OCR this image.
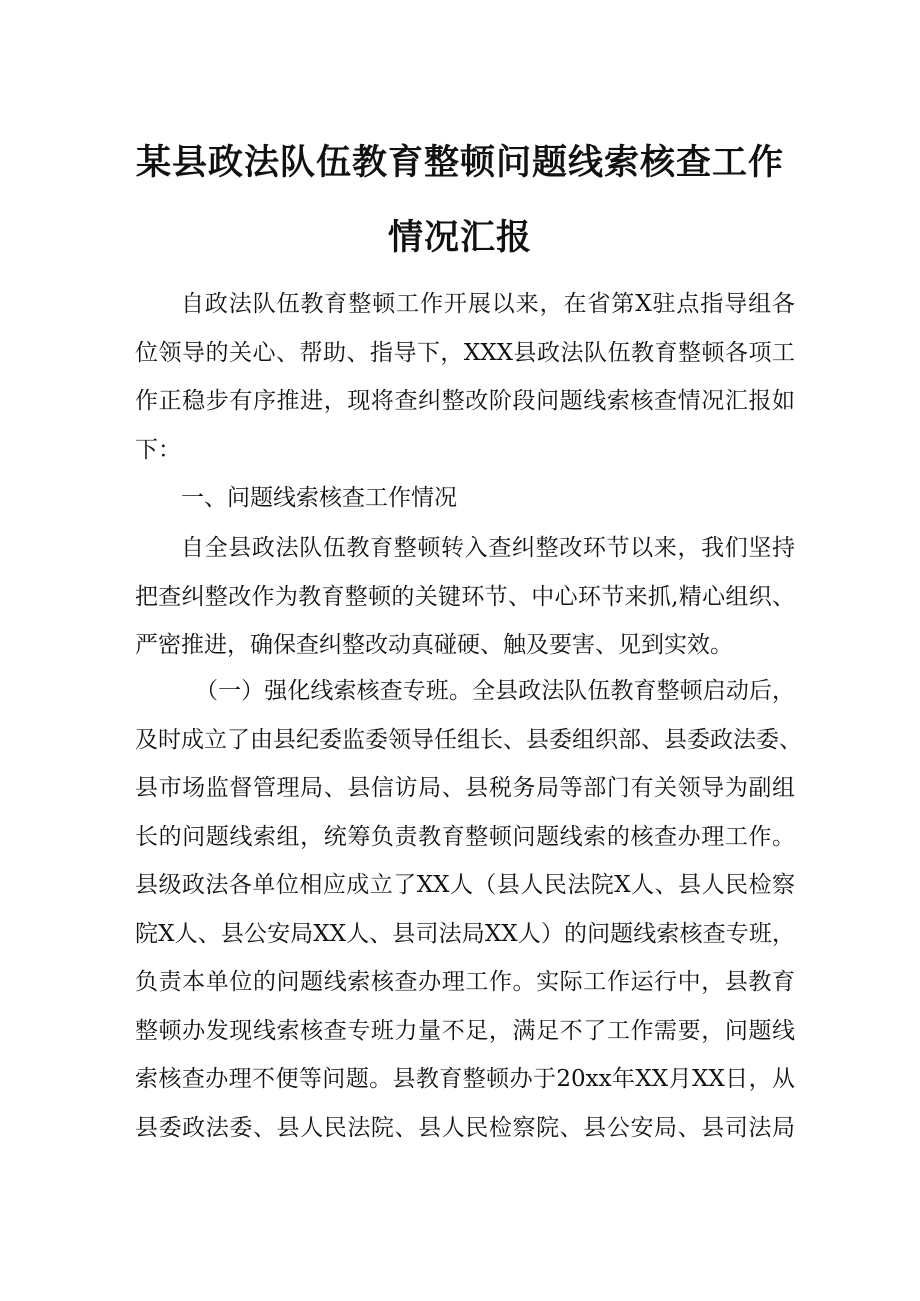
某县政法队伍教育整顿问题线索核查工作
情况汇报
自政法队伍教育整顿工作开展以来，在省第X驻点指导组各
位领导的关心、帮助、指导下，XXX县政法队伍教育整顿各项工
作正稳步有序推进，现将查纠整改阶段问题线索核查情况汇报如
下：
一、问题线索核查工作情况
自全县政法队伍教育整顿转入查纠整改环节以来，我们坚持
把查纠整改作为教育整顿的关键环节、中心环节来抓,精心组织、
严密推进，确保查纠整改动真碰硬、触及要害、见到实效。
（一）强化线索核查专班。全县政法队伍教育整顿启动后，
及时成立了由县纪委监委领导任组长、县委组织部、县委政法委、
县市场监督管理局、县信访局、县税务局等部门有关领导为副组
长的问题线索组，统筹负责教育整顿问题线索的核查办理工作。
县级政法各单位相应成立了XX人（县人民法院X人、县人民检察
院X人、县公安局XX人、县司法局XX人）的问题线索核查专班，
负责本单位的问题线索核查办理工作。实际工作运行中，县教育
整顿办发现线索核查专班力量不足，满足不了工作需要，问题线
索核查办理不便等问题。县教育整顿办于20xx年XX月XX日，从
县委政法委、县人民法院、县人民检察院、县公安局、县司法局
